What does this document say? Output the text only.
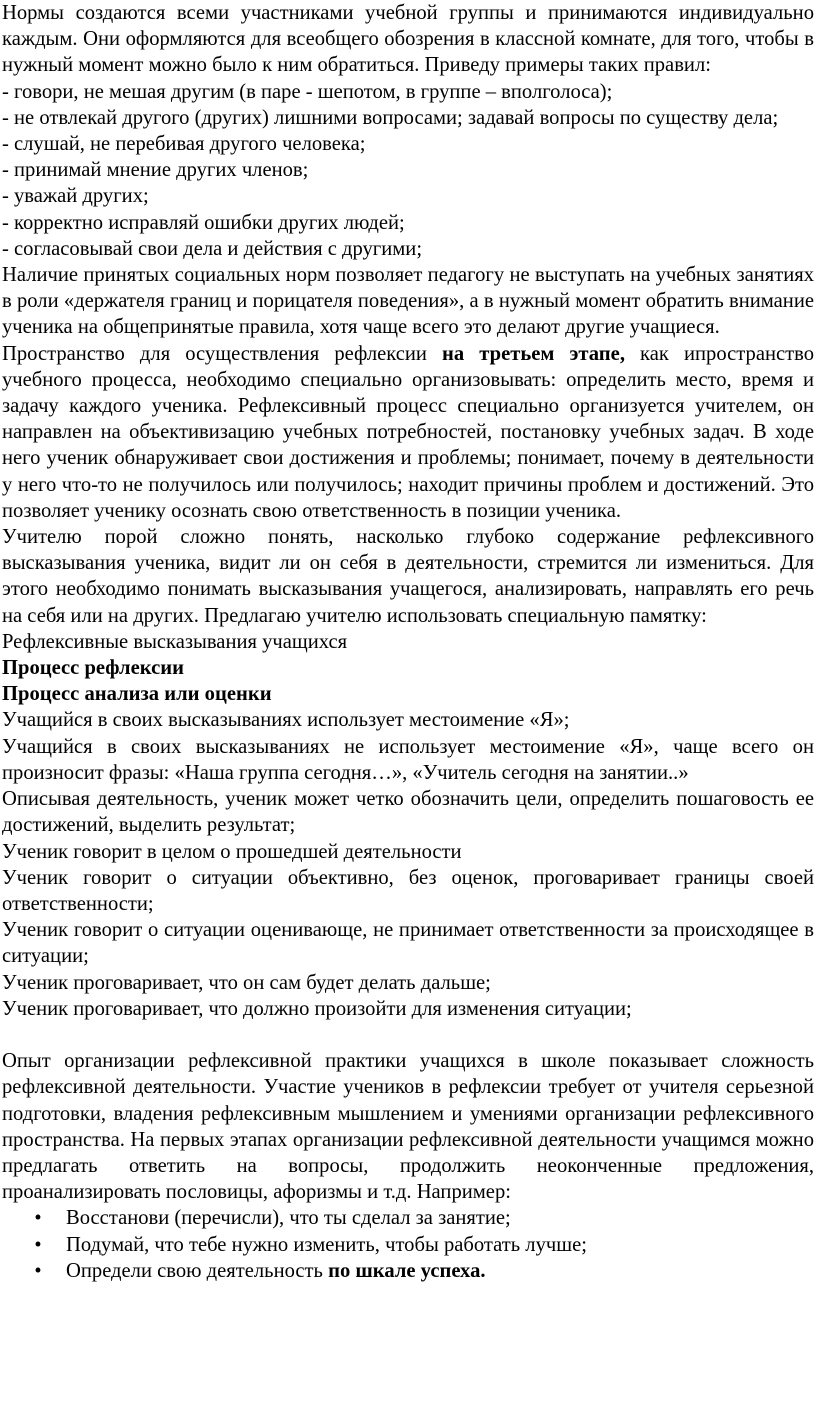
Нормы создаются всеми участниками учебной группы и принимаются индивидуально каждым. Они оформляются для всеобщего обозрения в классной комнате, для того, чтобы в нужный момент можно было к ним обратиться. Приведу примеры таких правил:

- говори, не мешая другим (в паре - шепотом, в группе – вполголоса);

- не отвлекай другого (других) лишними вопросами; задавай вопросы по существу дела;

- слушай, не перебивая другого человека;

- принимай мнение других членов;

- уважай других;

- корректно исправляй ошибки других людей;

- согласовывай свои дела и действия с другими;

Наличие принятых социальных норм позволяет педагогу не выступать на учебных занятиях в роли «держателя границ и порицателя поведения», а в нужный момент обратить внимание ученика на общепринятые правила, хотя чаще всего это делают другие учащиеся.

Пространство для осуществления рефлексии на третьем этапе, как ипространство учебного процесса, необходимо специально организовывать: определить место, время и задачу каждого ученика. Рефлексивный процесс специально организуется учителем, он направлен на объективизацию учебных потребностей, постановку учебных задач. В ходе него ученик обнаруживает свои достижения и проблемы; понимает, почему в деятельности у него что-то не получилось или получилось; находит причины проблем и достижений. Это позволяет ученику осознать свою ответственность в позиции ученика.

Учителю порой сложно понять, насколько глубоко содержание рефлексивного высказывания ученика, видит ли он себя в деятельности, стремится ли измениться. Для этого необходимо понимать высказывания учащегося, анализировать, направлять его речь на себя или на других. Предлагаю учителю использовать специальную памятку:

Рефлексивные высказывания учащихся

Процесс рефлексии

Процесс анализа или оценки

Учащийся в своих высказываниях использует местоимение «Я»;

Учащийся в своих высказываниях не использует местоимение «Я», чаще всего он произносит фразы: «Наша группа сегодня…», «Учитель сегодня на занятии..»

Описывая деятельность, ученик может четко обозначить цели, определить пошаговость ее достижений, выделить результат;

Ученик говорит в целом о прошедшей деятельности

Ученик говорит о ситуации объективно, без оценок, проговаривает границы своей ответственности;

Ученик говорит о ситуации оценивающе, не принимает ответственности за происходящее в ситуации;

Ученик проговаривает, что он сам будет делать дальше;

Ученик проговаривает, что должно произойти для изменения ситуации;

Опыт организации рефлексивной практики учащихся в школе показывает сложность рефлексивной деятельности. Участие учеников в рефлексии требует от учителя серьезной подготовки, владения рефлексивным мышлением и умениями организации рефлексивного пространства. На первых этапах организации рефлексивной деятельности учащимся можно предлагать ответить на вопросы, продолжить неоконченные предложения, проанализировать пословицы, афоризмы и т.д. Например:

• Восстанови (перечисли), что ты сделал за занятие;
• Подумай, что тебе нужно изменить, чтобы работать лучше;
• Определи свою деятельность по шкале успеха.
